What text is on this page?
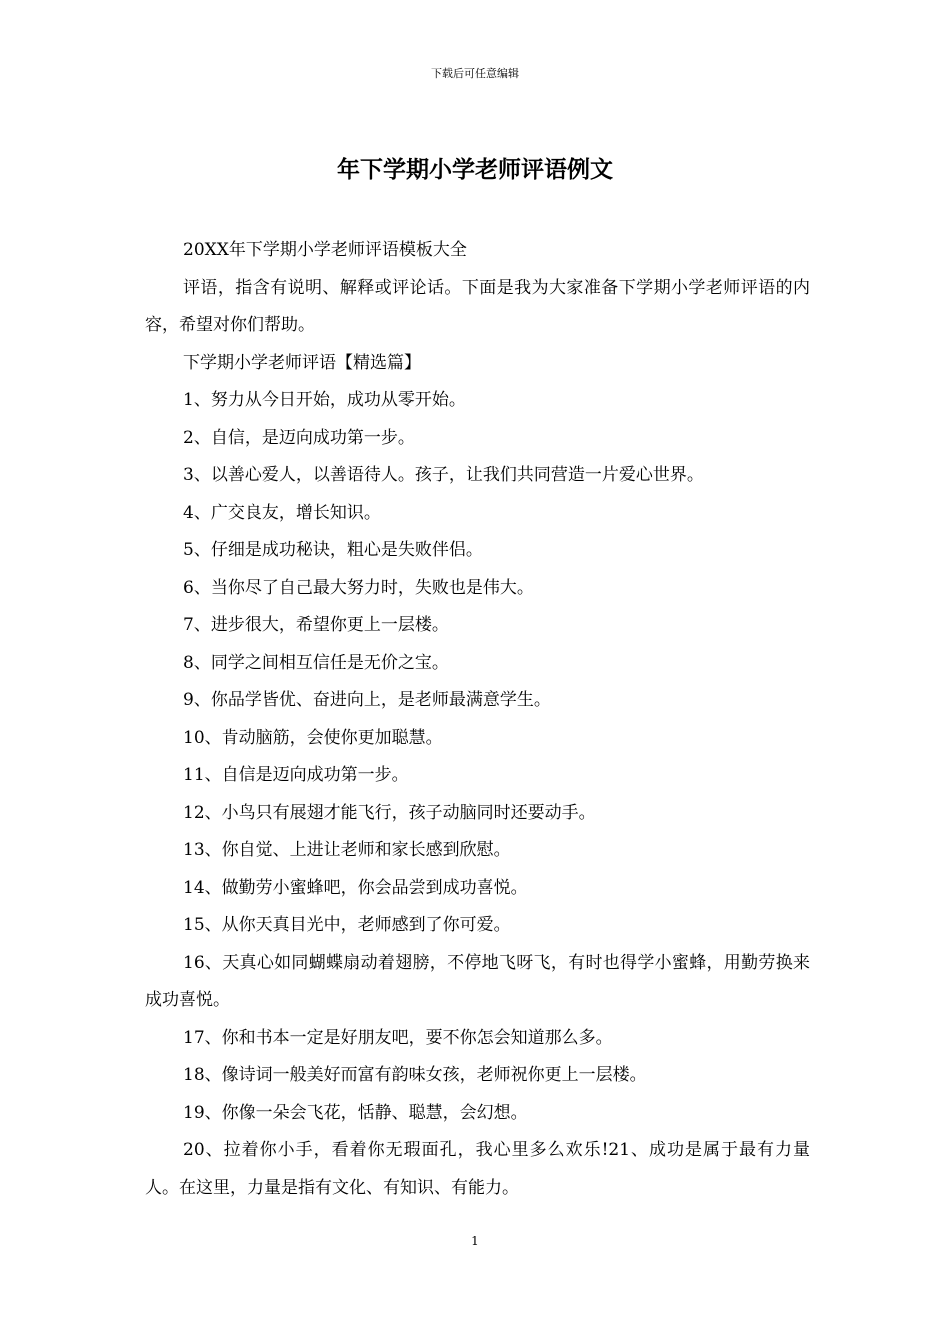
下载后可任意编辑
年下学期小学老师评语例文

20XX年下学期小学老师评语模板大全

评语，指含有说明、解释或评论话。下面是我为大家准备下学期小学老师评语的内容，希望对你们帮助。

下学期小学老师评语【精选篇】

1、努力从今日开始，成功从零开始。

2、自信，是迈向成功第一步。

3、以善心爱人，以善语待人。孩子，让我们共同营造一片爱心世界。

4、广交良友，增长知识。

5、仔细是成功秘诀，粗心是失败伴侣。

6、当你尽了自己最大努力时，失败也是伟大。

7、进步很大，希望你更上一层楼。

8、同学之间相互信任是无价之宝。

9、你品学皆优、奋进向上，是老师最满意学生。

10、肯动脑筋，会使你更加聪慧。

11、自信是迈向成功第一步。

12、小鸟只有展翅才能飞行，孩子动脑同时还要动手。

13、你自觉、上进让老师和家长感到欣慰。

14、做勤劳小蜜蜂吧，你会品尝到成功喜悦。

15、从你天真目光中，老师感到了你可爱。

16、天真心如同蝴蝶扇动着翅膀，不停地飞呀飞，有时也得学小蜜蜂，用勤劳换来成功喜悦。

17、你和书本一定是好朋友吧，要不你怎会知道那么多。

18、像诗词一般美好而富有韵味女孩，老师祝你更上一层楼。

19、你像一朵会飞花，恬静、聪慧，会幻想。

20、拉着你小手，看着你无瑕面孔，我心里多么欢乐!21、成功是属于最有力量人。在这里，力量是指有文化、有知识、有能力。

1
